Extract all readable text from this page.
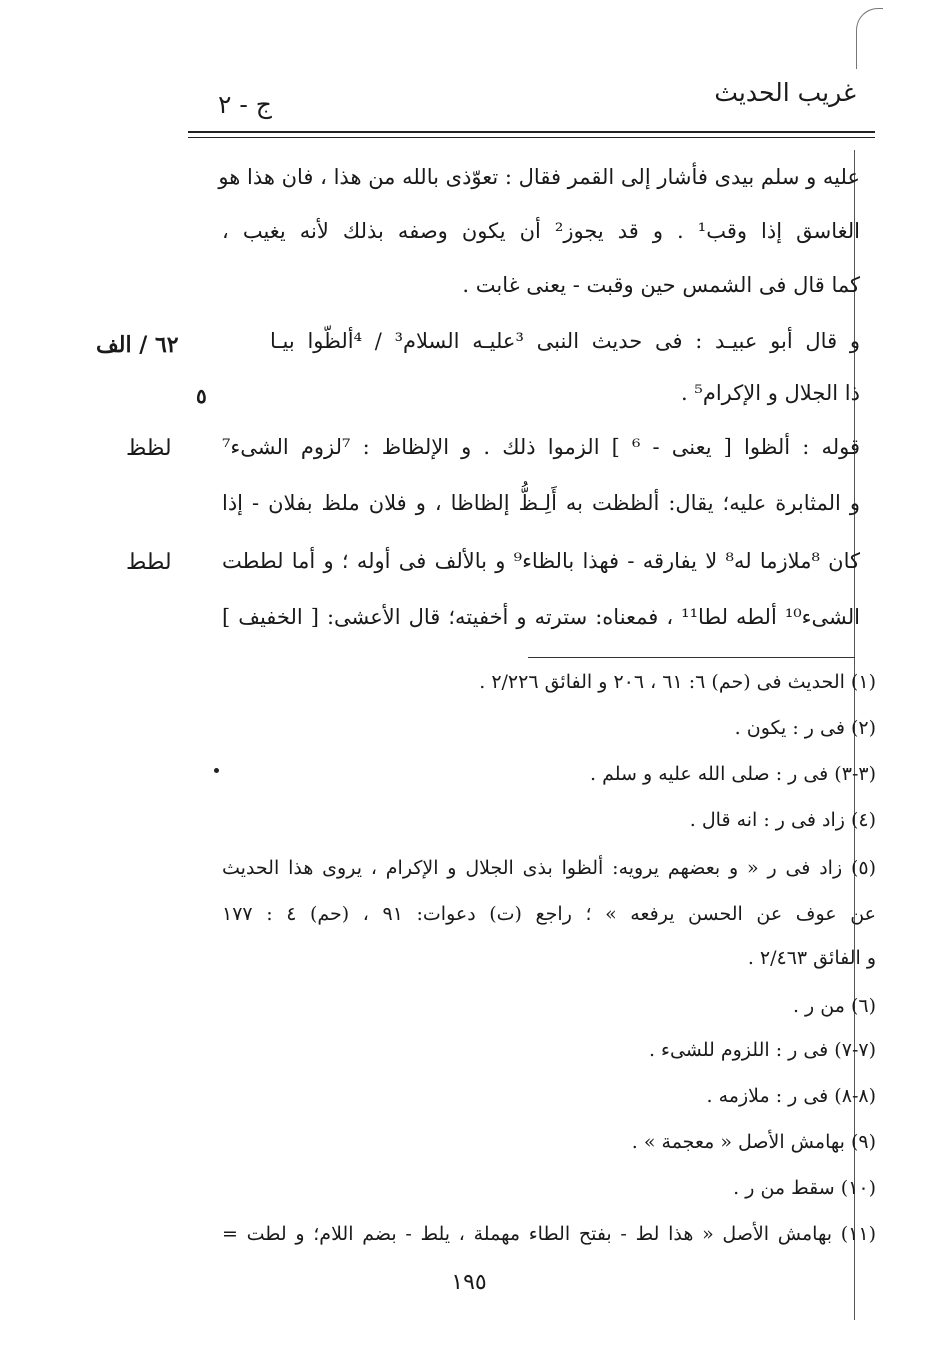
غريب الحديث
ج - ٢
عليه و سلم بيدى فأشار إلى القمر فقال : تعوّذى بالله من هذا ، فان هذا هو
الغاسق إذا وقب¹ . و قد يجوز² أن يكون وصفه بذلك لأنه يغيب ،
كما قال فى الشمس حين وقبت - يعنى غابت .
و قال أبو عبيـد : فى حديث النبى ³عليـه السلام³ / ⁴ألظّوا بيـا
ذا الجلال و الإكرام⁵ .
قوله : ألظوا [ يعنى - ⁶ ] الزموا ذلك . و الإلظاظ : ⁷لزوم الشىء⁷
و المثابرة عليه؛ يقال: ألظظت به أَلِـظُّ إلظاظا ، و فلان ملظ بفلان - إذا
كان ⁸ملازما له⁸ لا يفارقه - فهذا بالظاء⁹ و بالألف فى أوله ؛ و أما لططت
الشىء¹⁰ ألطه لطا¹¹ ، فمعناه: سترته و أخفيته؛ قال الأعشى: [ الخفيف ]
٦٢ / الف
٥
لظظ
لطط
(١) الحديث فى (حم) ٦: ٦١ ، ٢٠٦ و الفائق ٢/٢٢٦ .
(٢) فى ر : يكون .
(٣-٣) فى ر : صلى الله عليه و سلم .
(٤) زاد فى ر : انه قال .
(٥) زاد فى ر « و بعضهم يرويه: ألظوا بذى الجلال و الإكرام ، يروى هذا الحديث
عن عوف عن الحسن يرفعه » ؛ راجع (ت) دعوات: ٩١ ، (حم) ٤ : ١٧٧
و الفائق ٢/٤٦٣ .
(٦) من ر .
(٧-٧) فى ر : اللزوم للشىء .
(٨-٨) فى ر : ملازمه .
(٩) بهامش الأصل « معجمة » .
(١٠) سقط من ر .
(١١) بهامش الأصل « هذا لط - بفتح الطاء مهملة ، يلط - بضم اللام؛ و لطت =
١٩٥
